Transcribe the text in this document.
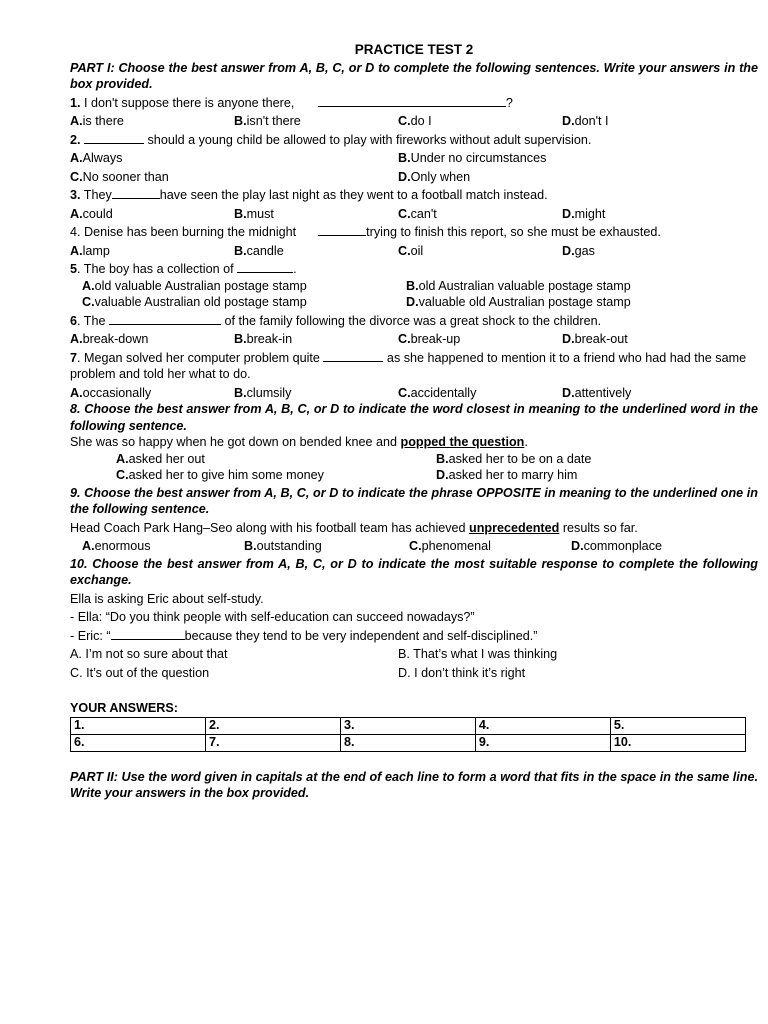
PRACTICE TEST 2
PART I: Choose the best answer from A, B, C, or D to complete the following sentences. Write your answers in the box provided.
1. I don't suppose there is anyone there,	?
A.is there	B.isn't there	C.do I	D.don't I
2.	should a young child be allowed to play with fireworks without adult supervision.
A.Always	B.Under no circumstances
C.No sooner than	D.Only when
3. They	have seen the play last night as they went to a football match instead.
A.could	B.must	C.can't	D.might
4. Denise has been burning the midnight	trying to finish this report, so she must be exhausted.
A.lamp	B.candle	C.oil	D.gas
5. The boy has a collection of	.
A.old valuable Australian postage stamp	B.old Australian valuable postage stamp
C.valuable Australian old postage stamp	D.valuable old Australian postage stamp
6. The	of the family following the divorce was a great shock to the children.
A.break-down	B.break-in	C.break-up	D.break-out
7. Megan solved her computer problem quite	as she happened to mention it to a friend who had had the same problem and told her what to do.
A.occasionally	B.clumsily	C.accidentally	D.attentively
8. Choose the best answer from A, B, C, or D to indicate the word closest in meaning to the underlined word in the following sentence.
She was so happy when he got down on bended knee and popped the question.
A.asked her out	B.asked her to be on a date
C.asked her to give him some money	D.asked her to marry him
9. Choose the best answer from A, B, C, or D to indicate the phrase OPPOSITE in meaning to the underlined one in the following sentence.
Head Coach Park Hang–Seo along with his football team has achieved unprecedented results so far.
A.enormous	B.outstanding	C.phenomenal	D.commonplace
10. Choose the best answer from A, B, C, or D to indicate the most suitable response to complete the following exchange.
Ella is asking Eric about self-study.
- Ella: “Do you think people with self-education can succeed nowadays?”
- Eric: “	because they tend to be very independent and self-disciplined.”
A. I’m not so sure about that	B. That’s what I was thinking
C. It’s out of the question	D. I don’t think it’s right
YOUR ANSWERS:
1.	2.	3.	4.	5.
6.	7.	8.	9.	10.
PART II: Use the word given in capitals at the end of each line to form a word that fits in the space in the same line. Write your answers in the box provided.
